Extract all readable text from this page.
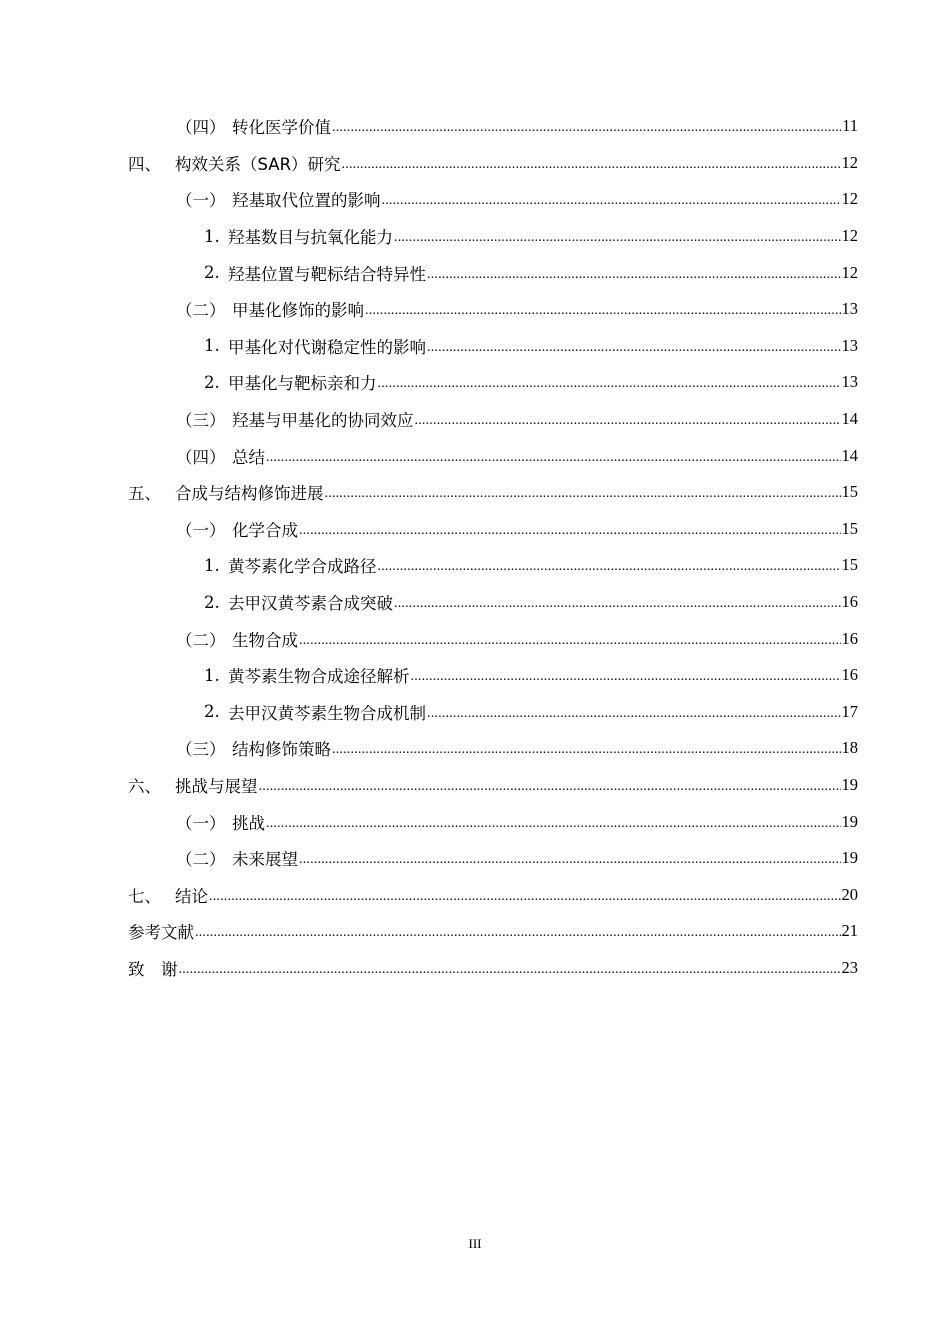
（四） 转化医学价值 .....	11
四、 构效关系（SAR）研究 .....	12
（一） 羟基取代位置的影响 .....	12
1. 羟基数目与抗氧化能力 .....	12
2. 羟基位置与靶标结合特异性 .....	12
（二） 甲基化修饰的影响 .....	13
1. 甲基化对代谢稳定性的影响 .....	13
2. 甲基化与靶标亲和力 .....	13
（三） 羟基与甲基化的协同效应 .....	14
（四） 总结 .....	14
五、 合成与结构修饰进展 .....	15
（一） 化学合成 .....	15
1. 黄芩素化学合成路径 .....	15
2. 去甲汉黄芩素合成突破 .....	16
（二） 生物合成 .....	16
1. 黄芩素生物合成途径解析 .....	16
2. 去甲汉黄芩素生物合成机制 .....	17
（三） 结构修饰策略 .....	18
六、 挑战与展望 .....	19
（一） 挑战 .....	19
（二） 未来展望 .....	19
七、 结论 .....	20
参考文献 .....	21
致　谢 .....	23
III
